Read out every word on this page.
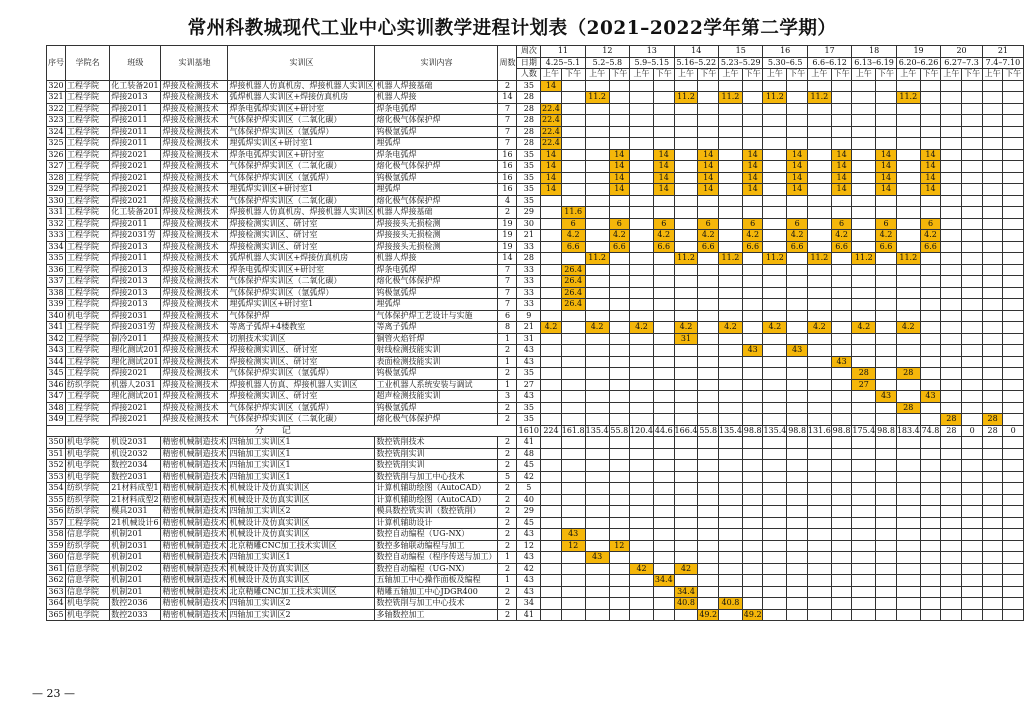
常州科教城现代工业中心实训教学进程计划表（2021–2022学年第二学期）
序号	学院名	班级	实训基地	实训区	实训内容	周数	周次	11		12		13		14		15		16		17		18		19		20		21	
							日期	4.25–5.1		5.2–5.8		5.9–5.15		5.16–5.22		5.23–5.29		5.30–6.5		6.6–6.12		6.13–6.19		6.20–6.26		6.27–7.3		7.4–7.10	
							人数	上午	下午	上午	下午	上午	下午	上午	下午	上午	下午	上午	下午	上午	下午	上午	下午	上午	下午	上午	下午	上午	下午
320	工程学院	化工装备201	焊接及检测技术	焊接机器人仿真机房、焊接机器人实训区	机器人焊接基础	2	35	14																					
321	工程学院	焊接2013	焊接及检测技术	弧焊机器人实训区+焊接仿真机房	机器人焊接	14	28			11.2				11.2		11.2		11.2		11.2				11.2					
322	工程学院	焊接2011	焊接及检测技术	焊条电弧焊实训区+研讨室	焊条电弧焊	7	28	22.4																					
323	工程学院	焊接2011	焊接及检测技术	气体保护焊实训区（二氧化碳）	熔化极气体保护焊	7	28	22.4																					
324	工程学院	焊接2011	焊接及检测技术	气体保护焊实训区（氩弧焊）	钨极氩弧焊	7	28	22.4																					
325	工程学院	焊接2011	焊接及检测技术	埋弧焊实训区+研讨室1	埋弧焊	7	28	22.4																					
326	工程学院	焊接2021	焊接及检测技术	焊条电弧焊实训区+研讨室	焊条电弧焊	16	35	14			14		14		14		14		14		14		14		14				
327	工程学院	焊接2021	焊接及检测技术	气体保护焊实训区（二氧化碳）	熔化极气体保护焊	16	35	14			14		14		14		14		14		14		14		14				
328	工程学院	焊接2021	焊接及检测技术	气体保护焊实训区（氩弧焊）	钨极氩弧焊	16	35	14			14		14		14		14		14		14		14		14				
329	工程学院	焊接2021	焊接及检测技术	埋弧焊实训区+研讨室1	埋弧焊	16	35	14			14		14		14		14		14		14		14		14				
330	工程学院	焊接2021	焊接及检测技术	气体保护焊实训区（二氧化碳）	熔化极气体保护焊	4	35																						
331	工程学院	化工装备201	焊接及检测技术	焊接机器人仿真机房、焊接机器人实训区	机器人焊接基础	2	29		11.6																				
332	工程学院	焊接2011	焊接及检测技术	焊接检测实训区、研讨室	焊接接头无损检测	19	30		6		6		6		6		6		6		6		6		6				
333	工程学院	焊接2031劳	焊接及检测技术	焊接检测实训区、研讨室	焊接接头无损检测	19	21		4.2		4.2		4.2		4.2		4.2		4.2		4.2		4.2		4.2				
334	工程学院	焊接2013	焊接及检测技术	焊接检测实训区、研讨室	焊接接头无损检测	19	33		6.6		6.6		6.6		6.6		6.6		6.6		6.6		6.6		6.6				
335	工程学院	焊接2011	焊接及检测技术	弧焊机器人实训区+焊接仿真机房	机器人焊接	14	28			11.2				11.2		11.2		11.2		11.2		11.2		11.2					
336	工程学院	焊接2013	焊接及检测技术	焊条电弧焊实训区+研讨室	焊条电弧焊	7	33		26.4																				
337	工程学院	焊接2013	焊接及检测技术	气体保护焊实训区（二氧化碳）	熔化极气体保护焊	7	33		26.4																				
338	工程学院	焊接2013	焊接及检测技术	气体保护焊实训区（氩弧焊）	钨极氩弧焊	7	33		26.4																				
339	工程学院	焊接2013	焊接及检测技术	埋弧焊实训区+研讨室1	埋弧焊	7	33		26.4																				
340	机电学院	焊接2031	焊接及检测技术	气体保护焊	气体保护焊工艺设计与实施	6	9																						
341	工程学院	焊接2031劳	焊接及检测技术	等离子弧焊+4楼教室	等离子弧焊	8	21	4.2		4.2		4.2		4.2		4.2		4.2		4.2		4.2		4.2					
342	工程学院	制冷2011	焊接及检测技术	切割技术实训区	铜管火焰钎焊	1	31							31															
343	工程学院	理化测试201	焊接及检测技术	焊接检测实训区、研讨室	射线检测技能实训	2	43										43		43										
344	工程学院	理化测试201	焊接及检测技术	焊接检测实训区、研讨室	表面检测技能实训	1	43														43								
345	工程学院	焊接2021	焊接及检测技术	气体保护焊实训区（氩弧焊）	钨极氩弧焊	2	35															28		28					
346	纺织学院	机器人2031	焊接及检测技术	焊接机器人仿真、焊接机器人实训区	工业机器人系统安装与调试	1	27															27							
347	工程学院	理化测试201	焊接及检测技术	焊接检测实训区、研讨室	超声检测技能实训	3	43																43		43				
348	工程学院	焊接2021	焊接及检测技术	气体保护焊实训区（氩弧焊）	钨极氩弧焊	2	35																	28					
349	工程学院	焊接2021	焊接及检测技术	气体保护焊实训区（二氧化碳）	熔化极气体保护焊	2	35																			28		28	
分记							1610	224	161.8	135.4	55.8	120.4	44.6	166.4	55.8	135.4	98.8	135.4	98.8	131.6	98.8	175.4	98.8	183.4	74.8	28	0	28	0
350	机电学院	机设2031	精密机械制造技术	四轴加工实训区1	数控铣削技术	2	41																						
351	机电学院	机设2032	精密机械制造技术	四轴加工实训区1	数控铣削实训	2	48																						
352	机电学院	数控2034	精密机械制造技术	四轴加工实训区1	数控铣削实训	2	45																						
353	机电学院	数控2031	精密机械制造技术	四轴加工实训区1	数控铣削与加工中心技术	5	42																						
354	纺织学院	21材料成型1	精密机械制造技术	机械设计及仿真实训区	计算机辅助绘图（AutoCAD）	2	5																						
355	纺织学院	21材料成型2	精密机械制造技术	机械设计及仿真实训区	计算机辅助绘图（AutoCAD）	2	40																						
356	纺织学院	模具2031	精密机械制造技术	四轴加工实训区2	模具数控铣实训（数控铣削）	2	29																						
357	工程学院	21机械设计6	精密机械制造技术	机械设计及仿真实训区	计算机辅助设计	2	45																						
358	信息学院	机制201	精密机械制造技术	机械设计及仿真实训区	数控自动编程（UG-NX）	2	43		43																				
359	纺织学院	机制2031	精密机械制造技术	北京精雕CNC加工技术实训区	数控多轴联动编程与加工	2	12		12		12																		
360	信息学院	机制201	精密机械制造技术	四轴加工实训区1	数控自动编程（程序传送与加工）	1	43			43																			
361	信息学院	机制202	精密机械制造技术	机械设计及仿真实训区	数控自动编程（UG-NX）	2	42					42		42															
362	信息学院	机制201	精密机械制造技术	机械设计及仿真实训区	五轴加工中心操作面板及编程	1	43						34.4																
363	信息学院	机制201	精密机械制造技术	北京精雕CNC加工技术实训区	精雕五轴加工中心JDGR400	2	43							34.4															
364	机电学院	数控2036	精密机械制造技术	四轴加工实训区2	数控铣削与加工中心技术	2	34							40.8		40.8													
365	机电学院	数控2033	精密机械制造技术	四轴加工实训区2	多轴数控加工	2	41								49.2		49.2												
— 23 —
